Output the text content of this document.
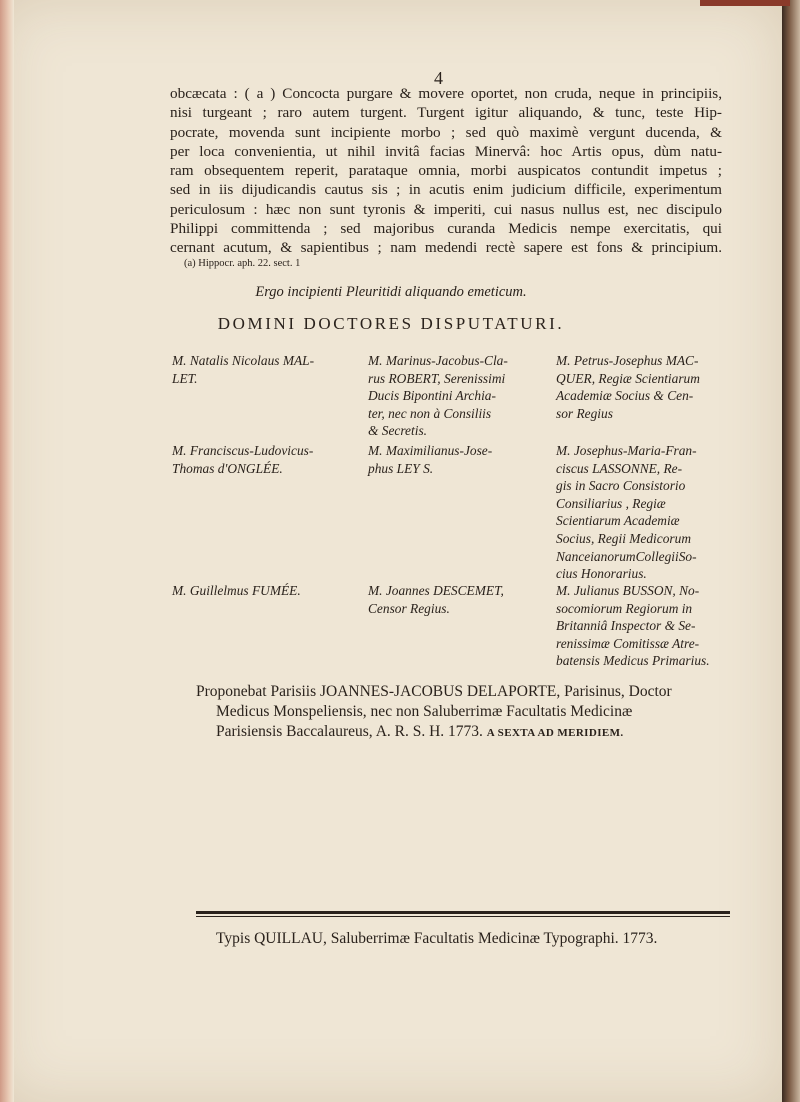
4
obcæcata : ( a ) Concocta purgare & movere oportet, non cruda, neque in principiis,
nisi turgeant ; raro autem turgent. Turgent igitur aliquando, & tunc, teste Hip-
pocrate, movenda sunt incipiente morbo ; sed quò maximè vergunt ducenda, &
per loca convenientia, ut nihil invitâ facias Minervâ: hoc Artis opus, dùm natu-
ram obsequentem reperit, parataque omnia, morbi auspicatos contundit impetus ;
sed in iis dijudicandis cautus sis ; in acutis enim judicium difficile, experimentum
periculosum : hæc non sunt tyronis & imperiti, cui nasus nullus est, nec discipulo
Philippi committenda ; sed majoribus curanda Medicis nempe exercitatis, qui
cernant acutum, & sapientibus ; nam medendi rectè sapere est fons & principium.
(a) Hippocr. aph. 22. sect. 1
Ergo incipienti Pleuritidi aliquando emeticum.
DOMINI DOCTORES DISPUTATURI.
M. Natalis Nicolaus MAL-
LET.
M. Franciscus-Ludovicus-
Thomas d'ONGLÉE.
M. Guillelmus FUMÉE.
M. Marinus-Jacobus-Cla-
rus ROBERT, Serenissimi
Ducis Bipontini Archia-
ter, nec non à Consiliis
& Secretis.
M. Maximilianus-Jose-
phus LEY S.
M. Joannes DESCEMET,
Censor Regius.
M. Petrus-Josephus MAC-
QUER, Regiæ Scientiarum
Academiæ Socius & Cen-
sor Regius
M. Josephus-Maria-Fran-
ciscus LASSONNE, Re-
gis in Sacro Consistorio
Consiliarius , Regiæ
Scientiarum Academiæ
Socius, Regii Medicorum
NanceianorumCollegiiSo-
cius Honorarius.
M. Julianus BUSSON, No-
socomiorum Regiorum in
Britanniâ Inspector & Se-
renissimæ Comitissæ Atre-
batensis Medicus Primarius.
Proponebat Parisiis JOANNES-JACOBUS DELAPORTE, Parisinus, Doctor
Medicus Monspeliensis, nec non Saluberrimæ Facultatis Medicinæ
Parisiensis Baccalaureus, A. R. S. H. 1773. A SEXTA AD MERIDIEM.
Typis QUILLAU, Saluberrimæ Facultatis Medicinæ Typographi. 1773.
